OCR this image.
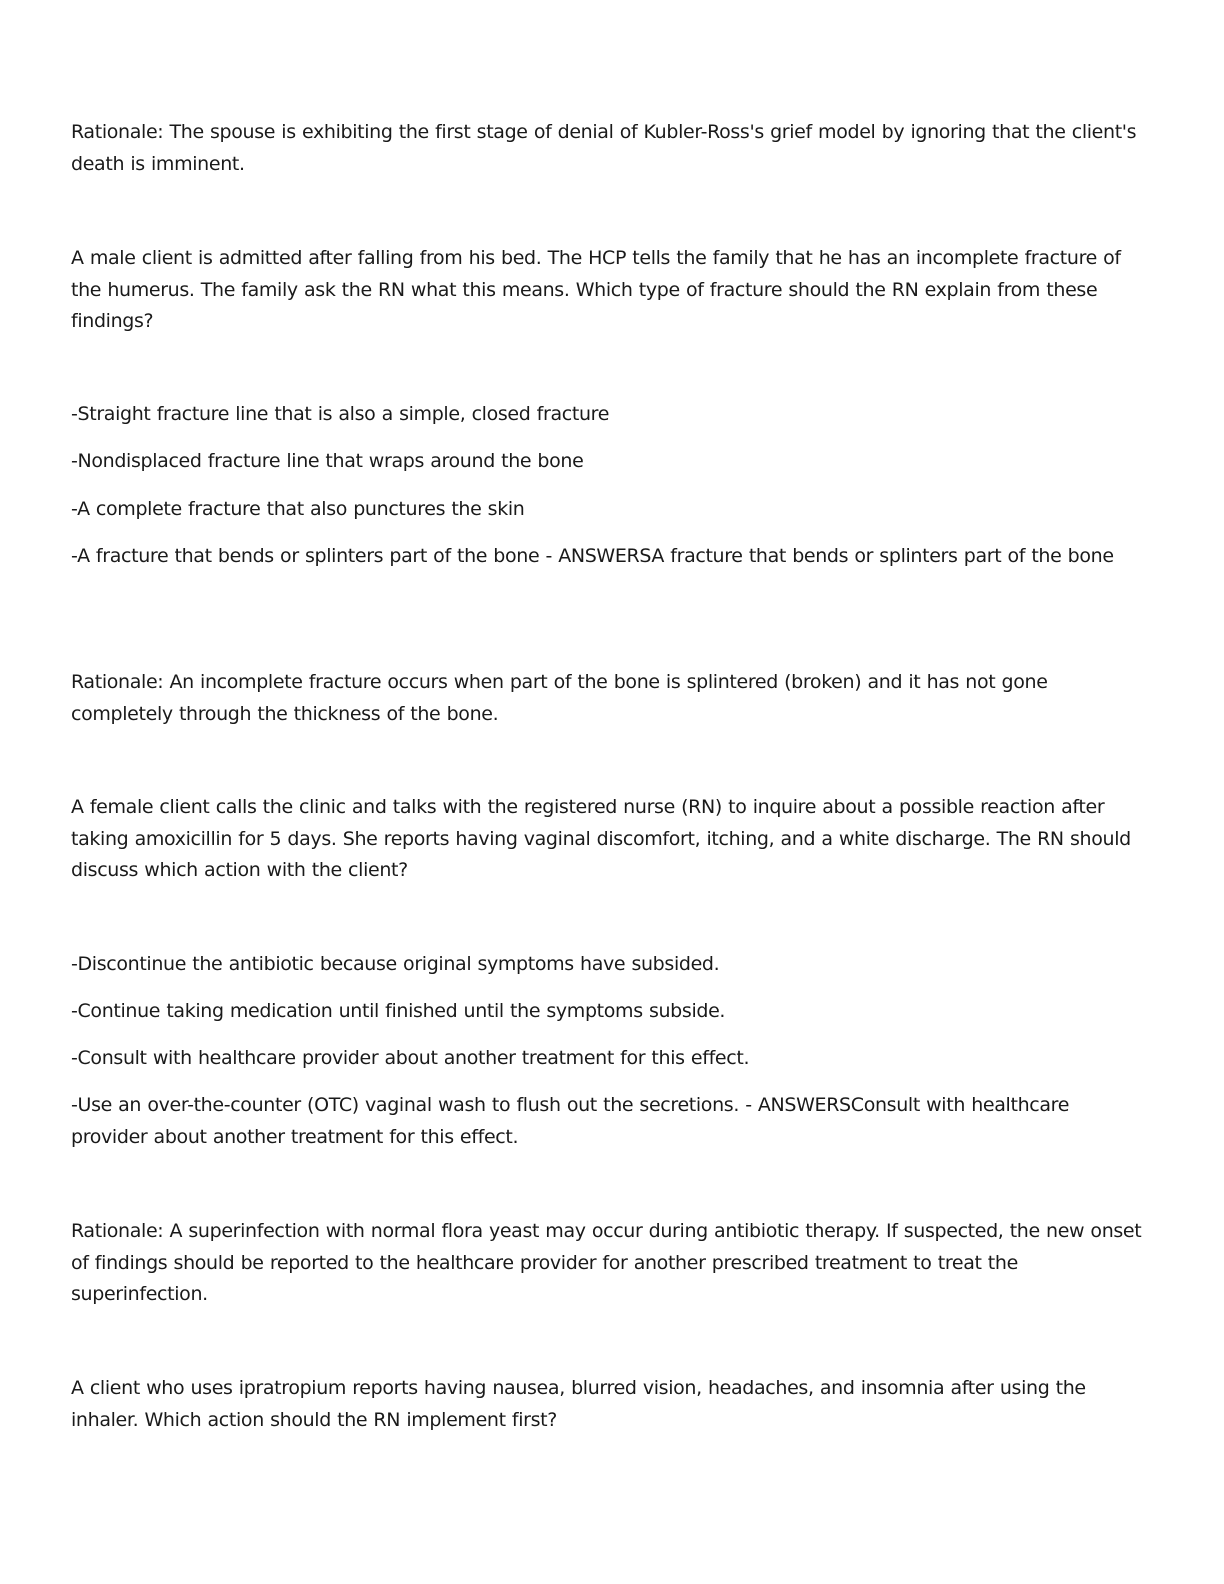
Rationale: The spouse is exhibiting the first stage of denial of Kubler-Ross's grief model by ignoring that the client's death is imminent.

A male client is admitted after falling from his bed. The HCP tells the family that he has an incomplete fracture of the humerus. The family ask the RN what this means. Which type of fracture should the RN explain from these findings?

-Straight fracture line that is also a simple, closed fracture

-Nondisplaced fracture line that wraps around the bone

-A complete fracture that also punctures the skin

-A fracture that bends or splinters part of the bone - ANSWERSA fracture that bends or splinters part of the bone

Rationale: An incomplete fracture occurs when part of the bone is splintered (broken) and it has not gone completely through the thickness of the bone.

A female client calls the clinic and talks with the registered nurse (RN) to inquire about a possible reaction after taking amoxicillin for 5 days. She reports having vaginal discomfort, itching, and a white discharge. The RN should discuss which action with the client?

-Discontinue the antibiotic because original symptoms have subsided.

-Continue taking medication until finished until the symptoms subside.

-Consult with healthcare provider about another treatment for this effect.

-Use an over-the-counter (OTC) vaginal wash to flush out the secretions. - ANSWERSConsult with healthcare provider about another treatment for this effect.

Rationale: A superinfection with normal flora yeast may occur during antibiotic therapy. If suspected, the new onset of findings should be reported to the healthcare provider for another prescribed treatment to treat the superinfection.

A client who uses ipratropium reports having nausea, blurred vision, headaches, and insomnia after using the inhaler. Which action should the RN implement first?
